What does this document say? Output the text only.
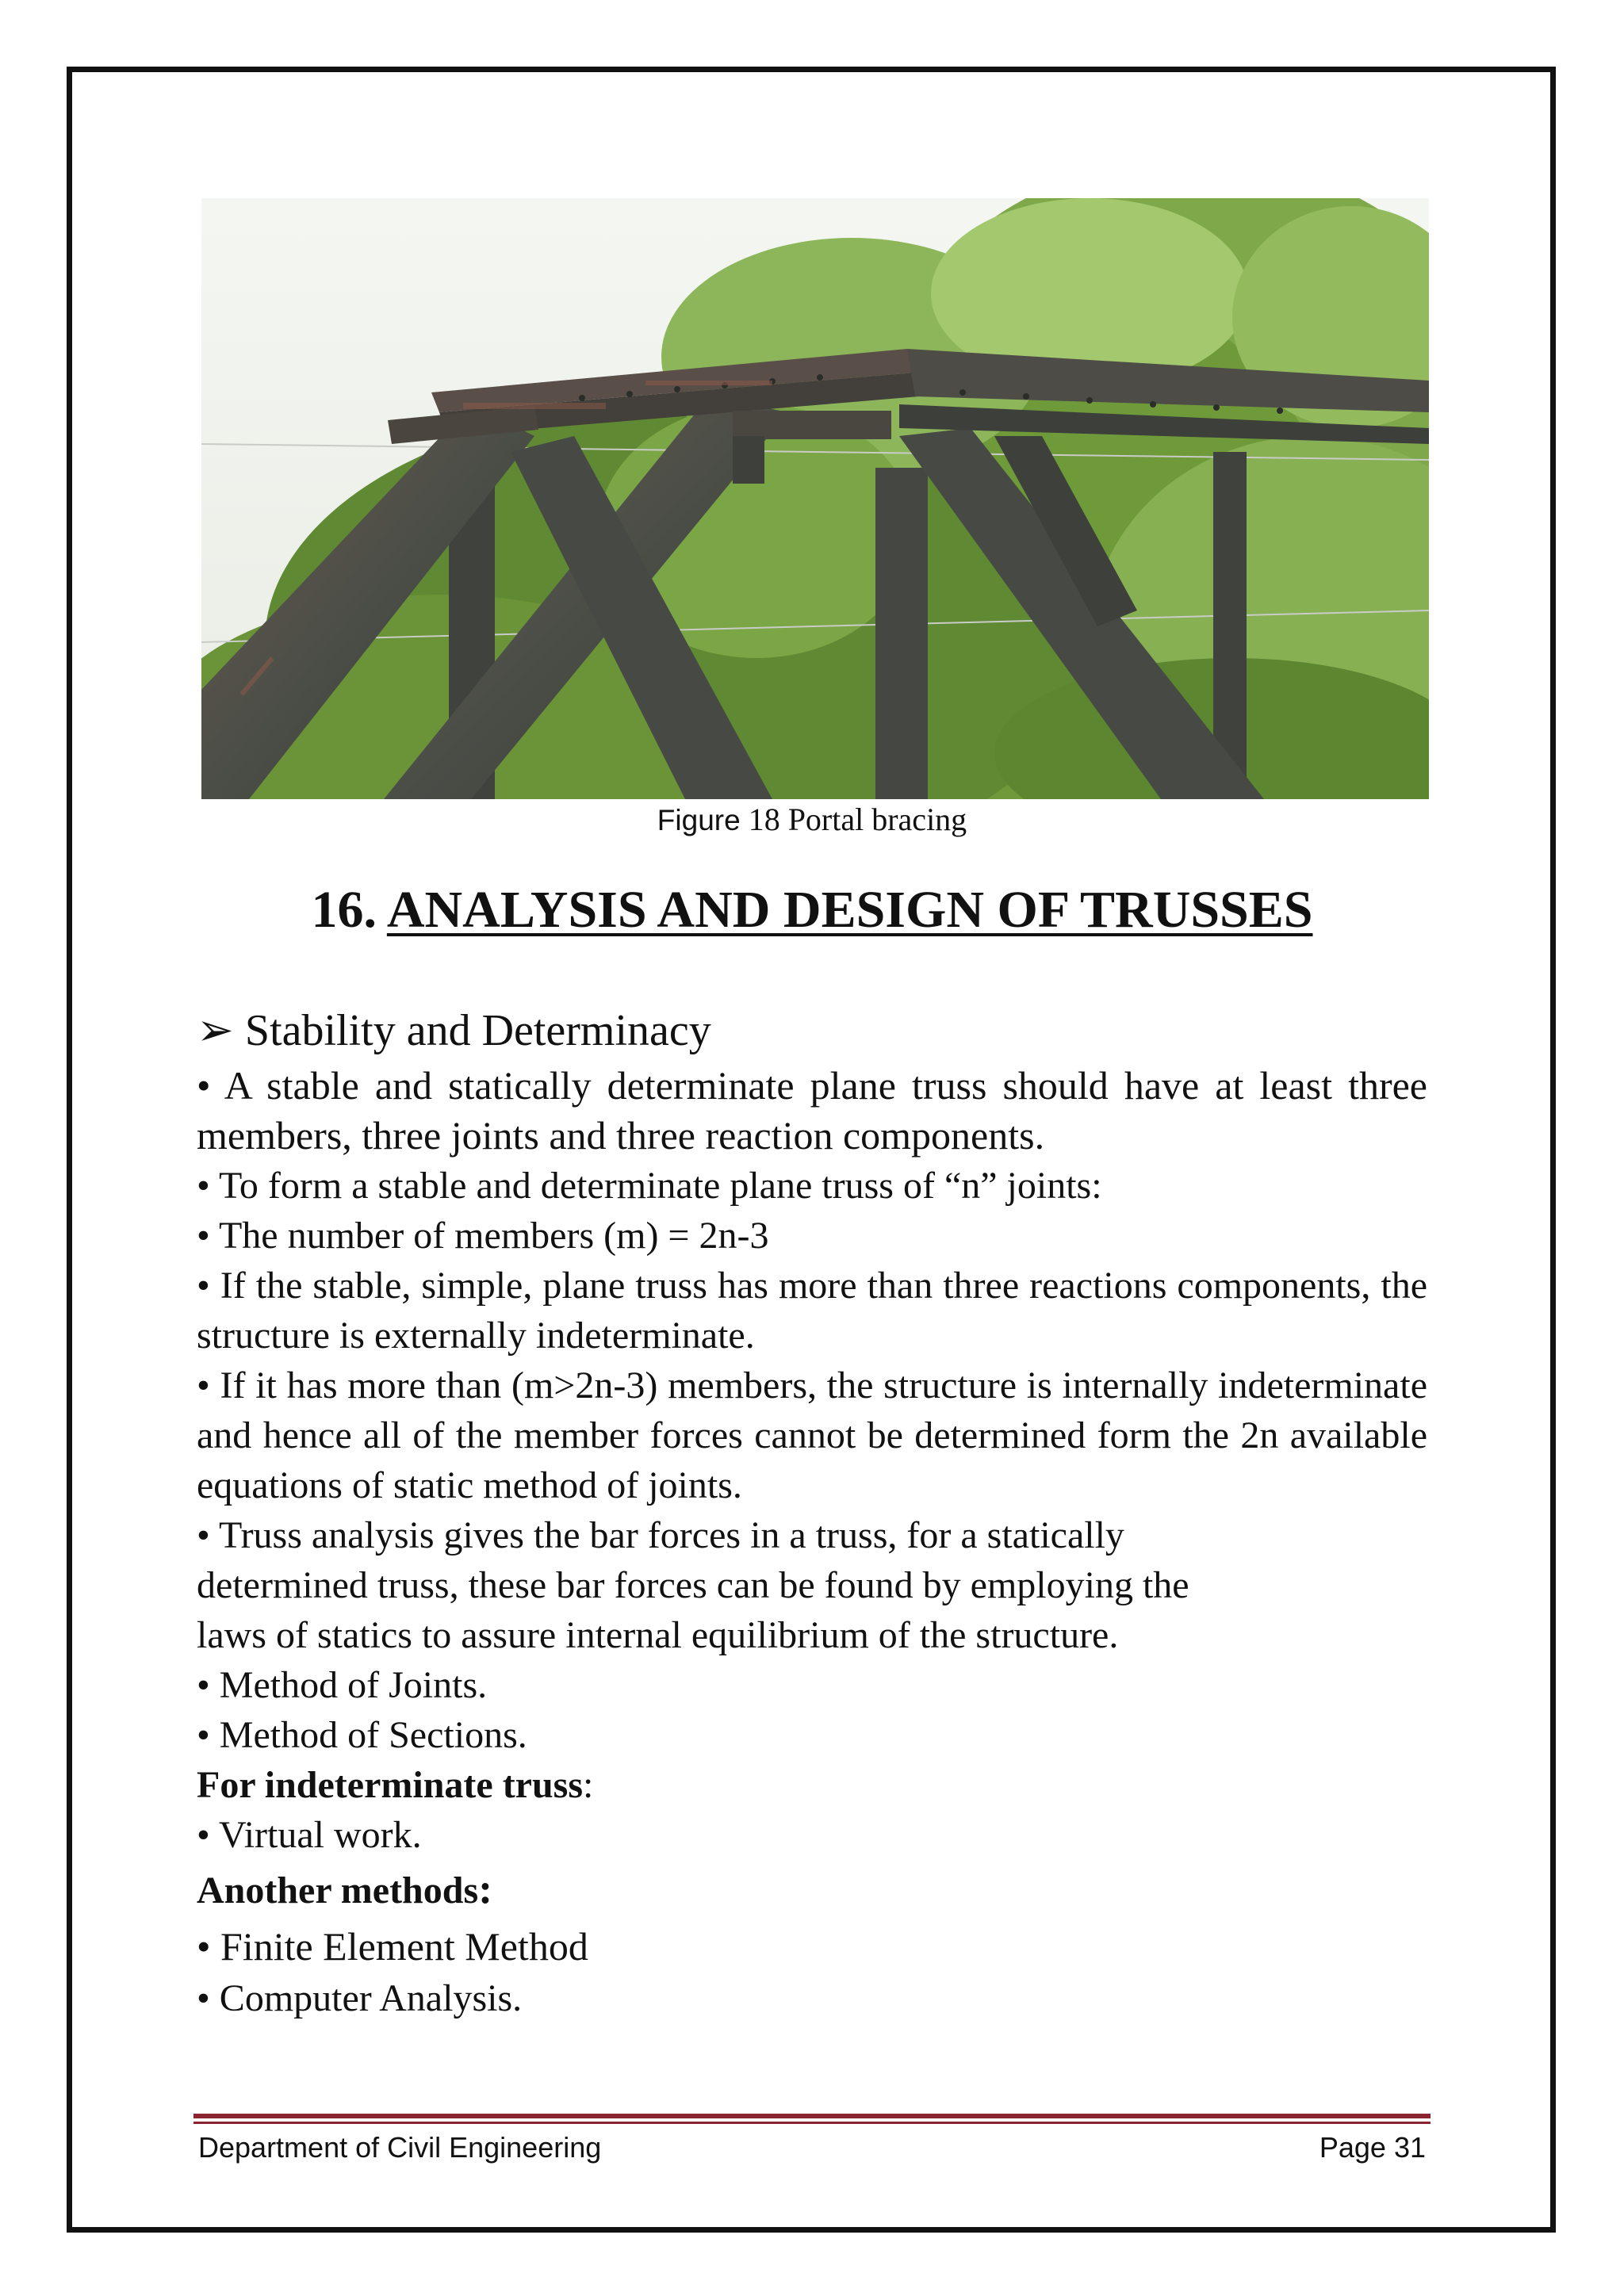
Figure 18 Portal bracing
16. ANALYSIS AND DESIGN OF TRUSSES

➢ Stability and Determinacy

• A stable and statically determinate plane truss should have at least three members, three joints and three reaction components.

• To form a stable and determinate plane truss of “n” joints:

• The number of members (m) = 2n-3

• If the stable, simple, plane truss has more than three reactions components, the structure is externally indeterminate.

• If it has more than (m>2n-3) members, the structure is internally indeterminate and hence all of the member forces cannot be determined form the 2n available equations of static method of joints.

• Truss analysis gives the bar forces in a truss, for a statically determined truss, these bar forces can be found by employing the laws of statics to assure internal equilibrium of the structure.

• Method of Joints.

• Method of Sections.

For indeterminate truss:

• Virtual work.

Another methods:

• Finite Element Method

• Computer Analysis.

Department of Civil Engineering	Page 31
